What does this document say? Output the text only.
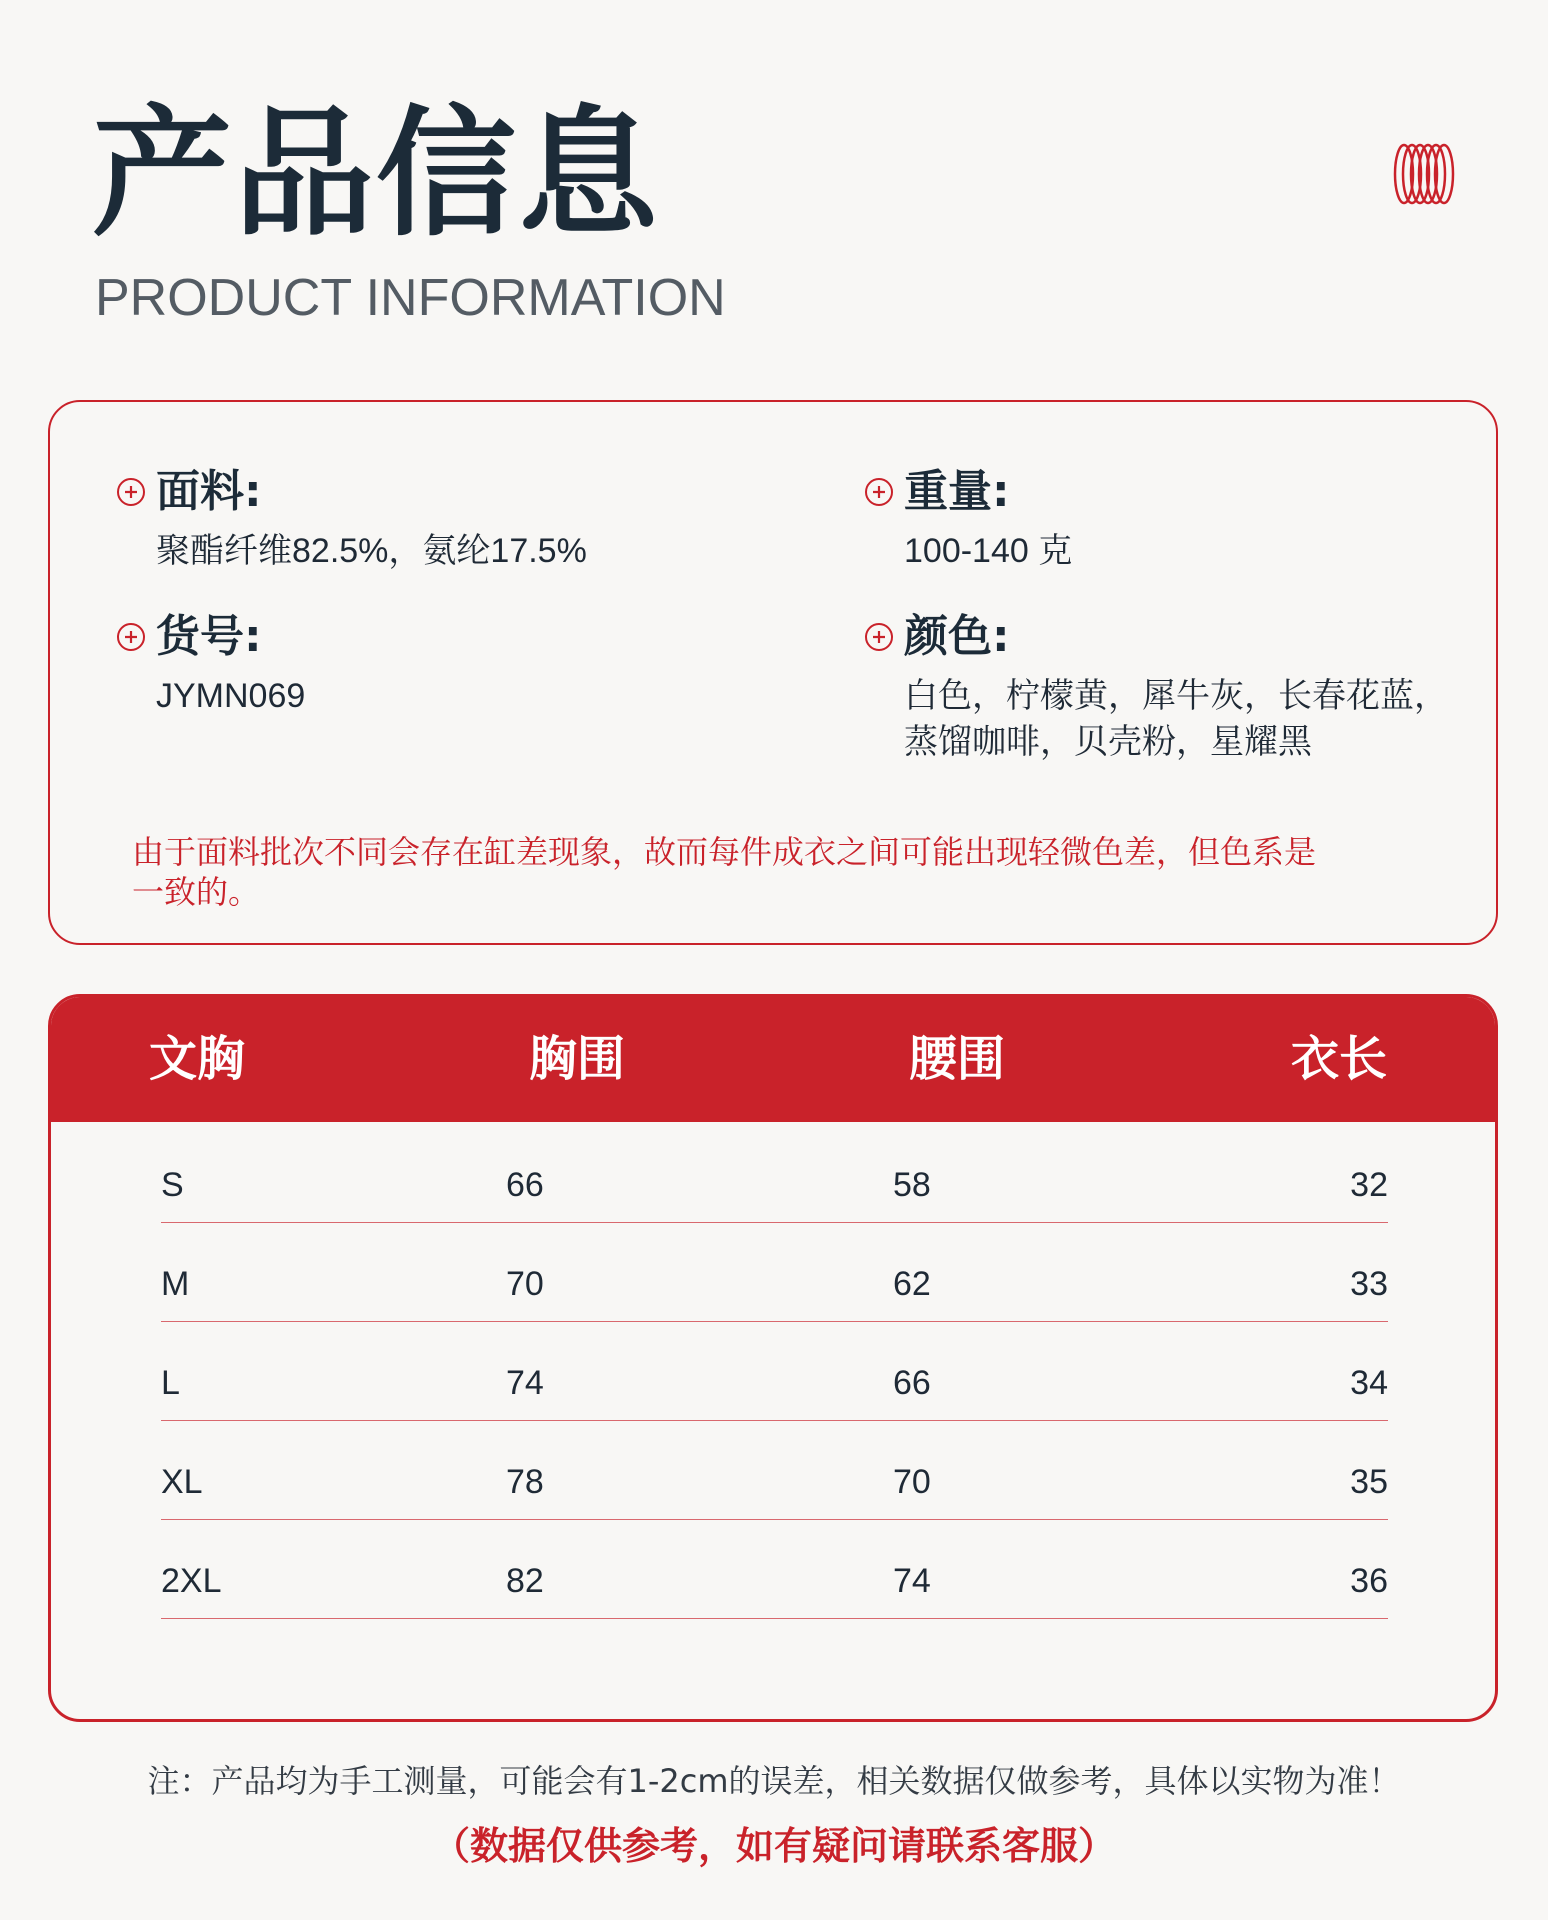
产品信息
PRODUCT INFORMATION
面料:
聚酯纤维82.5%，氨纶17.5%
重量:
100-140 克
货号:
JYMN069
颜色:
白色，柠檬黄，犀牛灰，长春花蓝，
蒸馏咖啡，贝壳粉，星耀黑
由于面料批次不同会存在缸差现象，故而每件成衣之间可能出现轻微色差，但色系是
一致的。
文胸	胸围	腰围	衣长
S	66	58	32
M	70	62	33
L	74	66	34
XL	78	70	35
2XL	82	74	36
注：产品均为手工测量，可能会有1-2cm的误差，相关数据仅做参考，具体以实物为准！
（数据仅供参考，如有疑问请联系客服）
